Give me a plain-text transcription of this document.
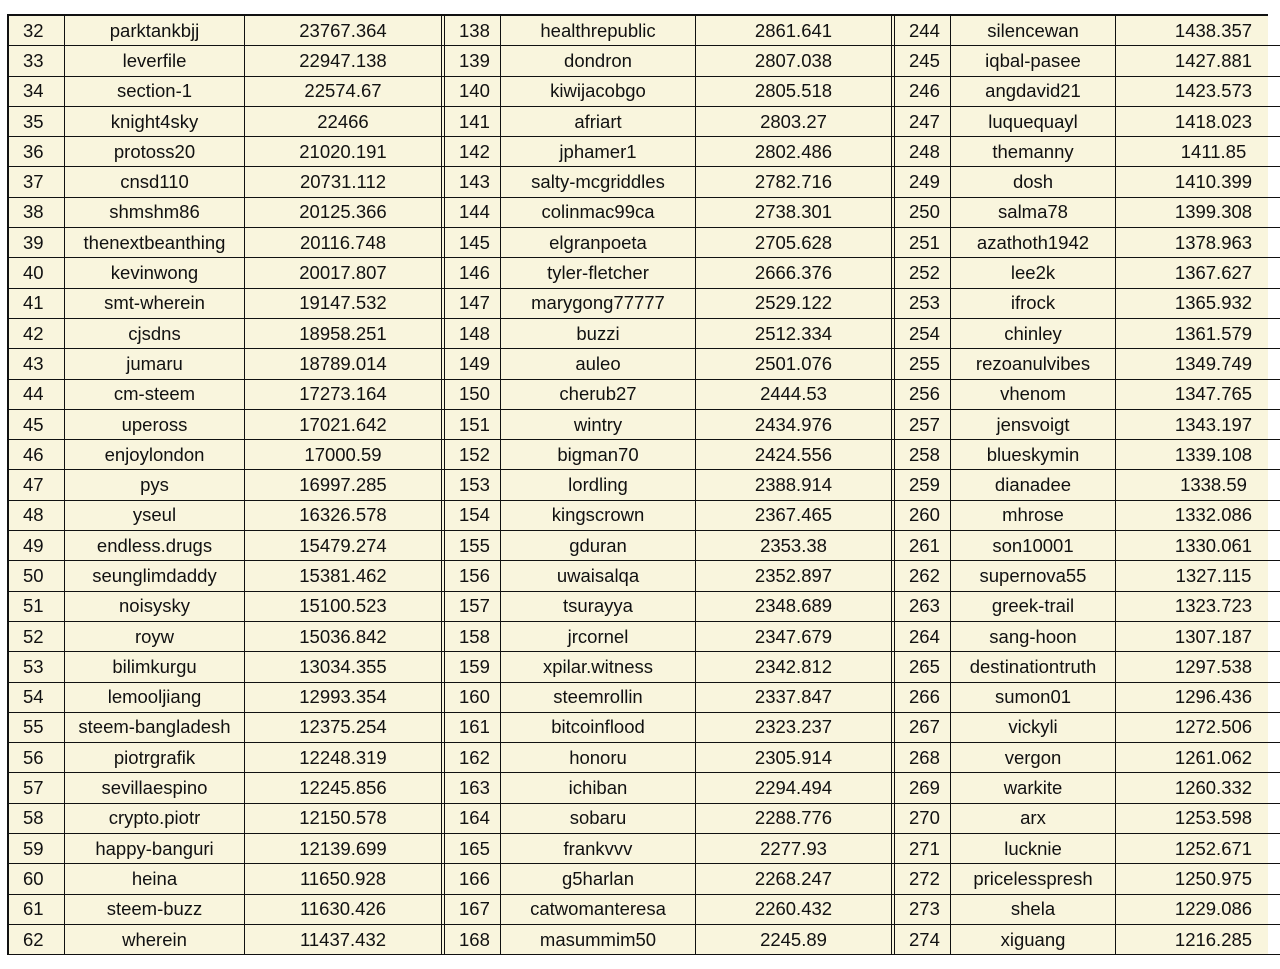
32	parktankbjj	23767.364	138	healthrepublic	2861.641	244	silencewan	1438.357
33	leverfile	22947.138	139	dondron	2807.038	245	iqbal-pasee	1427.881
34	section-1	22574.67	140	kiwijacobgo	2805.518	246	angdavid21	1423.573
35	knight4sky	22466	141	afriart	2803.27	247	luquequayl	1418.023
36	protoss20	21020.191	142	jphamer1	2802.486	248	themanny	1411.85
37	cnsd110	20731.112	143	salty-mcgriddles	2782.716	249	dosh	1410.399
38	shmshm86	20125.366	144	colinmac99ca	2738.301	250	salma78	1399.308
39	thenextbeanthing	20116.748	145	elgranpoeta	2705.628	251	azathoth1942	1378.963
40	kevinwong	20017.807	146	tyler-fletcher	2666.376	252	lee2k	1367.627
41	smt-wherein	19147.532	147	marygong77777	2529.122	253	ifrock	1365.932
42	cjsdns	18958.251	148	buzzi	2512.334	254	chinley	1361.579
43	jumaru	18789.014	149	auleo	2501.076	255	rezoanulvibes	1349.749
44	cm-steem	17273.164	150	cherub27	2444.53	256	vhenom	1347.765
45	upeross	17021.642	151	wintry	2434.976	257	jensvoigt	1343.197
46	enjoylondon	17000.59	152	bigman70	2424.556	258	blueskymin	1339.108
47	pys	16997.285	153	lordling	2388.914	259	dianadee	1338.59
48	yseul	16326.578	154	kingscrown	2367.465	260	mhrose	1332.086
49	endless.drugs	15479.274	155	gduran	2353.38	261	son10001	1330.061
50	seunglimdaddy	15381.462	156	uwaisalqa	2352.897	262	supernova55	1327.115
51	noisysky	15100.523	157	tsurayya	2348.689	263	greek-trail	1323.723
52	royw	15036.842	158	jrcornel	2347.679	264	sang-hoon	1307.187
53	bilimkurgu	13034.355	159	xpilar.witness	2342.812	265	destinationtruth	1297.538
54	lemooljiang	12993.354	160	steemrollin	2337.847	266	sumon01	1296.436
55	steem-bangladesh	12375.254	161	bitcoinflood	2323.237	267	vickyli	1272.506
56	piotrgrafik	12248.319	162	honoru	2305.914	268	vergon	1261.062
57	sevillaespino	12245.856	163	ichiban	2294.494	269	warkite	1260.332
58	crypto.piotr	12150.578	164	sobaru	2288.776	270	arx	1253.598
59	happy-banguri	12139.699	165	frankvvv	2277.93	271	lucknie	1252.671
60	heina	11650.928	166	g5harlan	2268.247	272	pricelesspresh	1250.975
61	steem-buzz	11630.426	167	catwomanteresa	2260.432	273	shela	1229.086
62	wherein	11437.432	168	masummim50	2245.89	274	xiguang	1216.285
